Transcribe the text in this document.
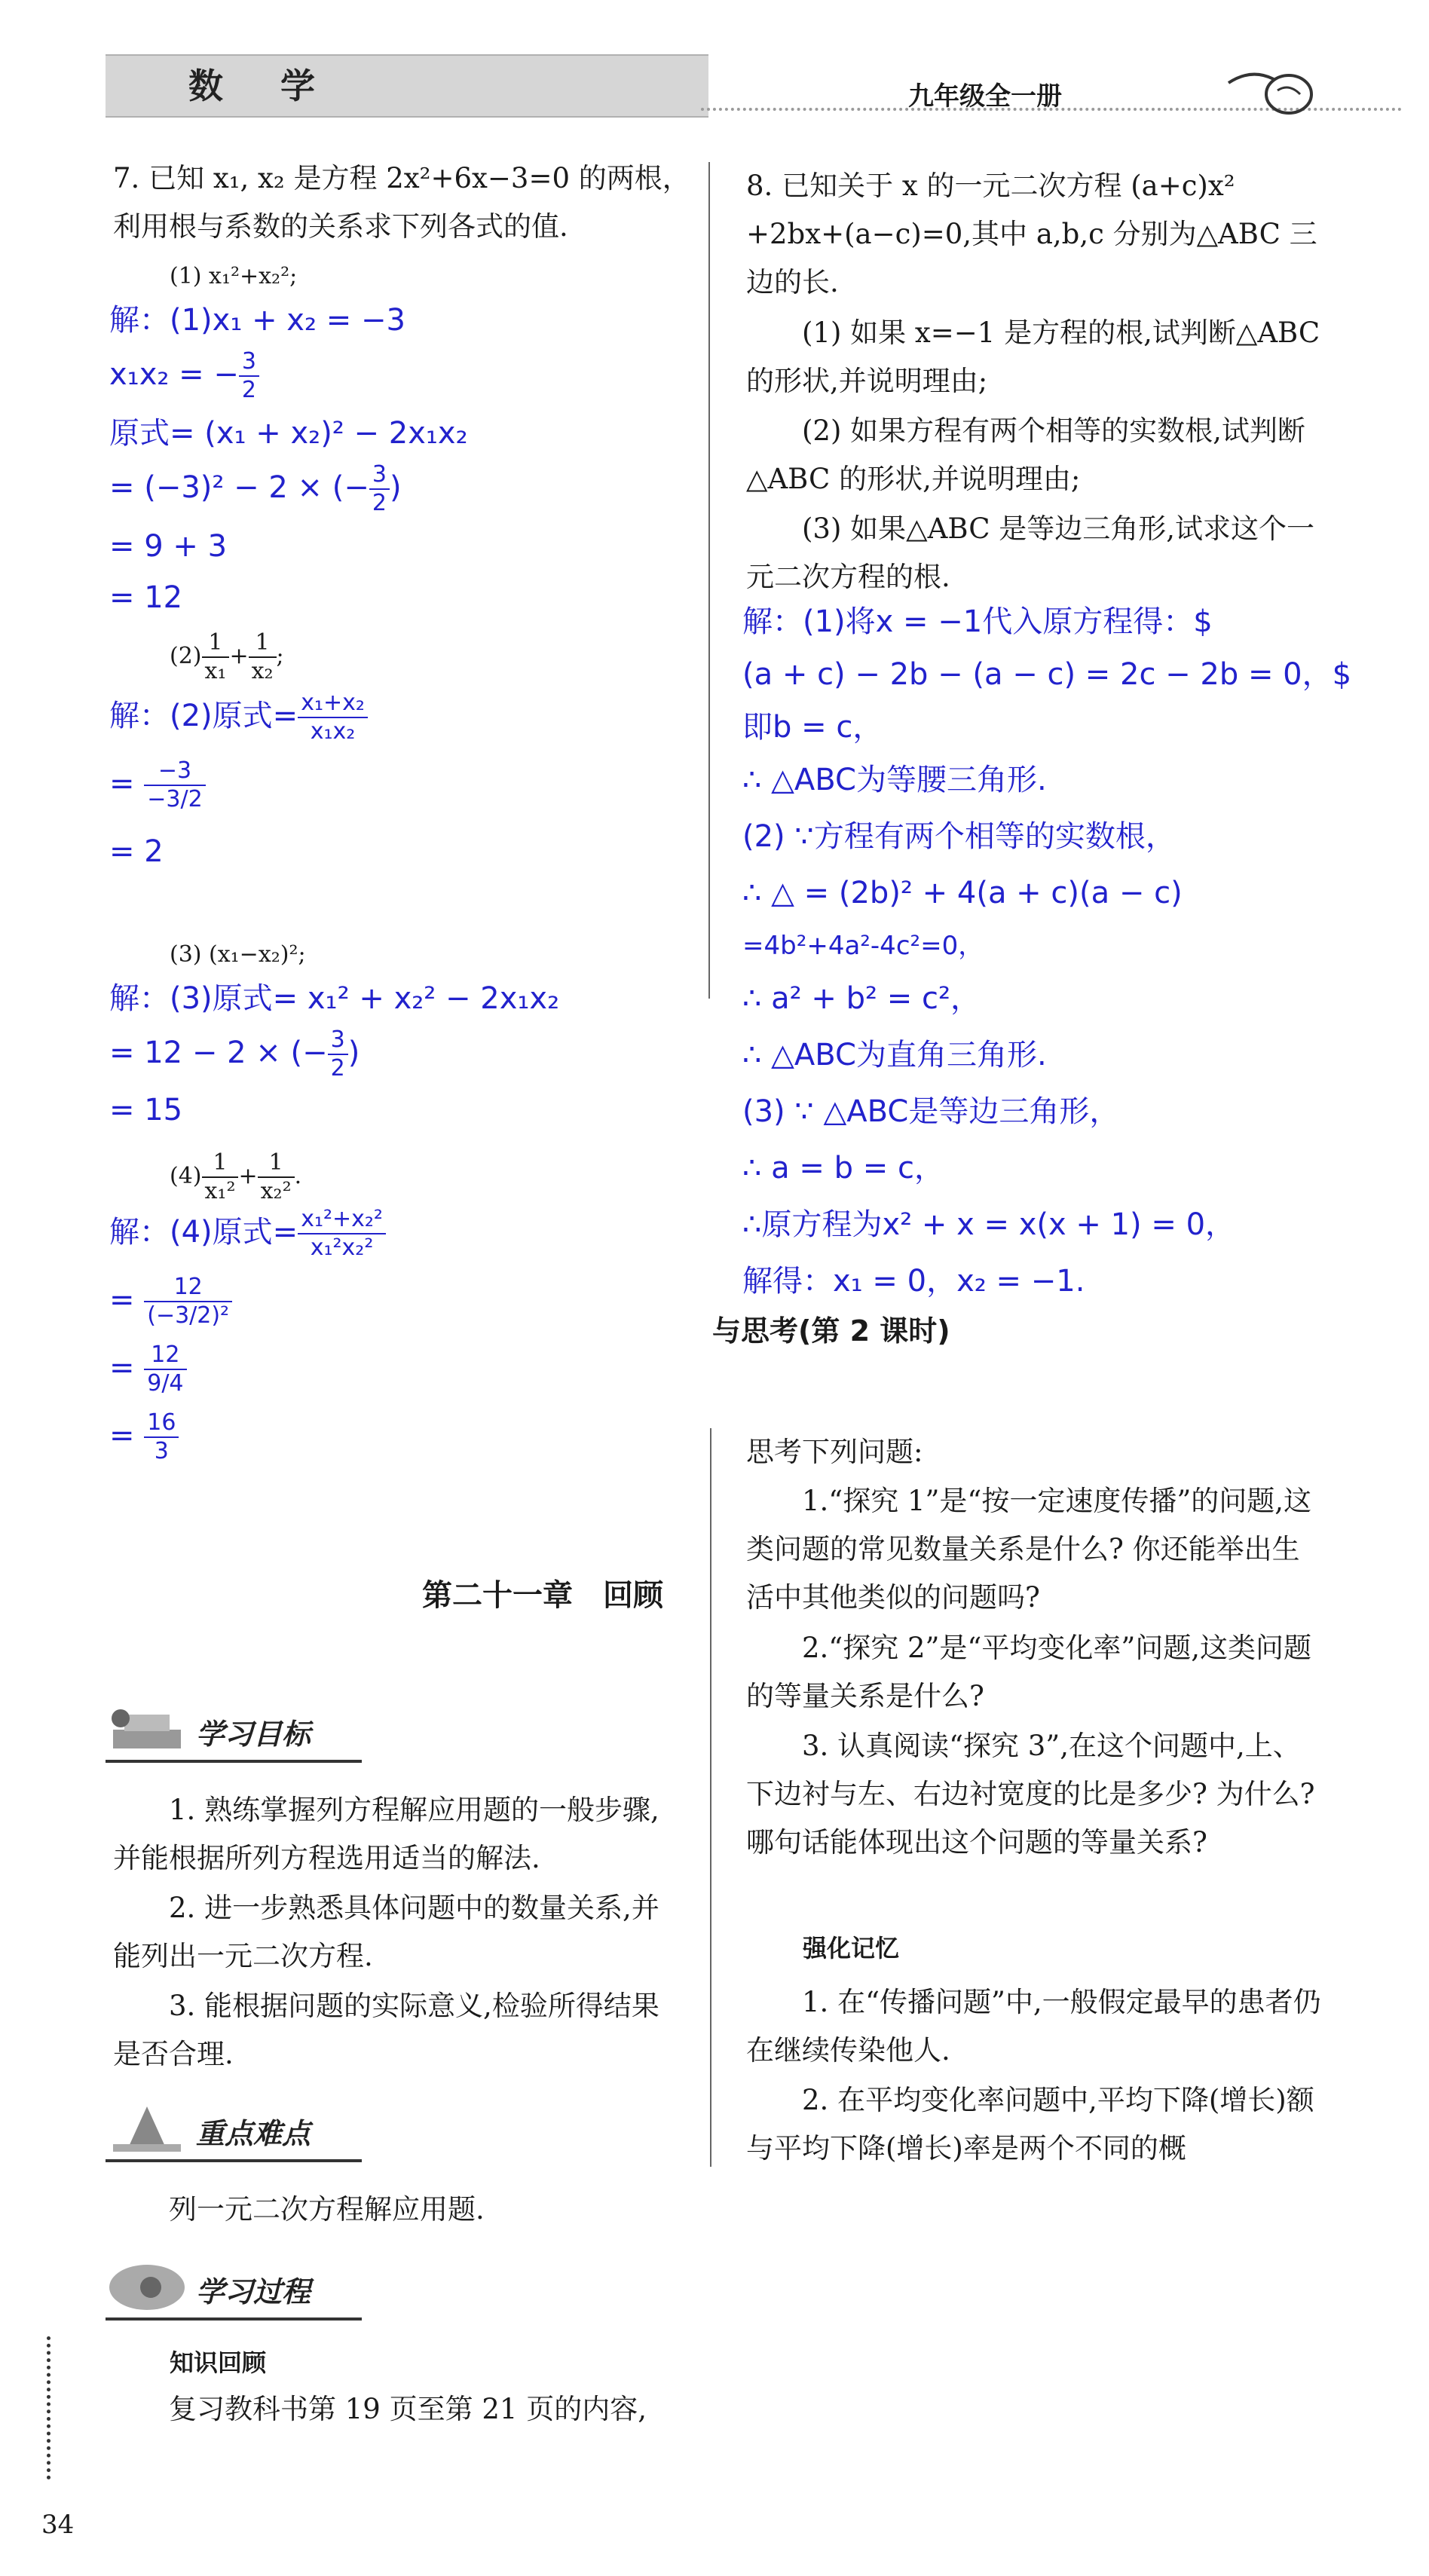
数 学	九年级全一册
7. 已知 x₁, x₂ 是方程 2x²+6x−3=0 的两根，利用根与系数的关系求下列各式的值.
(1) x₁²+x₂²;
解：(1)x₁ + x₂ = −3
x₁x₂ = − $\frac{3}{2}$
原式= (x₁ + x₂)² − 2x₁x₂
= (−3)² − 2 × (− $\frac{3}{2}$ )
= 9 + 3
= 12
$(2) \frac{1}{\text{x₁}} + \frac{1}{\text{x₂}}$ ;
解：(2)原式= $\frac{\text{x₁+x₂}}{\text{x₁x₂}}$
= $\frac{-3}{-3/2}$
= 2
(3) (x₁−x₂)²;
解：(3)原式= x₁² + x₂² − 2x₁x₂
= 12 − 2 × (− $\frac{3}{2}$ )
= 15
$(4) \frac{1}{\text{x₁²}} + \frac{1}{\text{x₂²}}$ .
解：(4)原式= $\frac{\text{x₁²+x₂²}}{\text{x₁²x₂²}}$
= $\frac{12}{\text{(−3/2)²}}$
= $\frac{12}{9/4}$
= $\frac{16}{3}$
第二十一章　回顾
学习目标
1. 熟练掌握列方程解应用题的一般步骤,并能根据所列方程选用适当的解法.
2. 进一步熟悉具体问题中的数量关系,并能列出一元二次方程.
3. 能根据问题的实际意义,检验所得结果是否合理.
重点难点
列一元二次方程解应用题.
学习过程
知识回顾
复习教科书第 19 页至第 21 页的内容,
34
8. 已知关于 x 的一元二次方程 (a+c)x² +2bx+(a−c)=0,其中 a,b,c 分别为△ABC 三边的长.
(1) 如果 x=−1 是方程的根,试判断△ABC 的形状,并说明理由;
(2) 如果方程有两个相等的实数根,试判断△ABC 的形状,并说明理由;
(3) 如果△ABC 是等边三角形,试求这个一元二次方程的根.
解：(1)将x = −1代入原方程得：$
(a + c) − 2b − (a − c) = 2c − 2b = 0，$
即b = c，
∴ △ABC为等腰三角形.
(2) ∵方程有两个相等的实数根，
∴ △ = (2b)² + 4(a + c)(a − c)
=4b²+4a²-4c²=0，
∴ a² + b² = c²，
∴ △ABC为直角三角形.
(3) ∵ △ABC是等边三角形，
∴ a = b = c，
∴原方程为x² + x = x(x + 1) = 0，
解得：x₁ = 0，x₂ = −1.
与思考(第 2 课时)
思考下列问题:
1.“探究 1”是“按一定速度传播”的问题,这类问题的常见数量关系是什么? 你还能举出生活中其他类似的问题吗?
2.“探究 2”是“平均变化率”问题,这类问题的等量关系是什么?
3. 认真阅读“探究 3”,在这个问题中,上、下边衬与左、右边衬宽度的比是多少? 为什么? 哪句话能体现出这个问题的等量关系?
强化记忆
1. 在“传播问题”中,一般假定最早的患者仍在继续传染他人.
2. 在平均变化率问题中,平均下降(增长)额与平均下降(增长)率是两个不同的概
